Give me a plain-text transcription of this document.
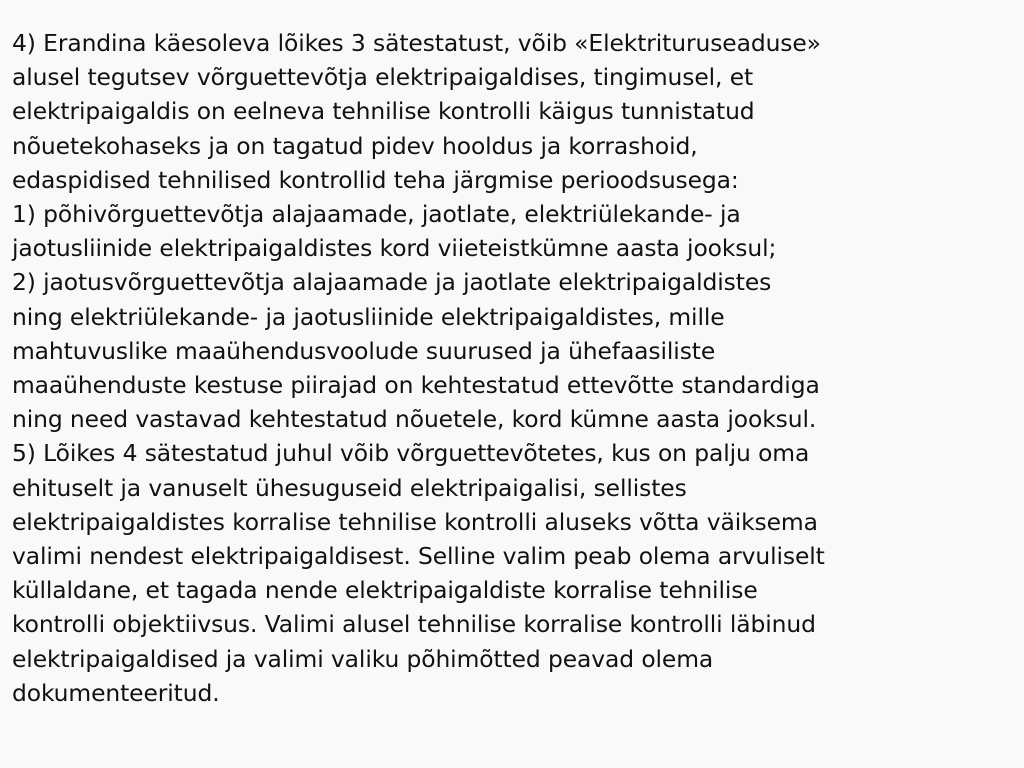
4) Erandina käesoleva lõikes 3 sätestatust, võib «Elektrituruseaduse»
alusel tegutsev võrguettevõtja elektripaigaldises, tingimusel, et
elektripaigaldis on eelneva tehnilise kontrolli käigus tunnistatud
nõuetekohaseks ja on tagatud pidev hooldus ja korrashoid,
edaspidised tehnilised kontrollid teha järgmise perioodsusega:
1) põhivõrguettevõtja alajaamade, jaotlate, elektriülekande- ja
jaotusliinide elektripaigaldistes kord viieteistkümne aasta jooksul;
2) jaotusvõrguettevõtja alajaamade ja jaotlate elektripaigaldistes
ning elektriülekande- ja jaotusliinide elektripaigaldistes, mille
mahtuvuslike maaühendusvoolude suurused ja ühefaasiliste
maaühenduste kestuse piirajad on kehtestatud ettevõtte standardiga
ning need vastavad kehtestatud nõuetele, kord kümne aasta jooksul.
5) Lõikes 4 sätestatud juhul võib võrguettevõtetes, kus on palju oma
ehituselt ja vanuselt ühesuguseid elektripaigalisi, sellistes
elektripaigaldistes korralise tehnilise kontrolli aluseks võtta väiksema
valimi nendest elektripaigaldisest. Selline valim peab olema arvuliselt
küllaldane, et tagada nende elektripaigaldiste korralise tehnilise
kontrolli objektiivsus. Valimi alusel tehnilise korralise kontrolli läbinud
elektripaigaldised ja valimi valiku põhimõtted peavad olema
dokumenteeritud.
